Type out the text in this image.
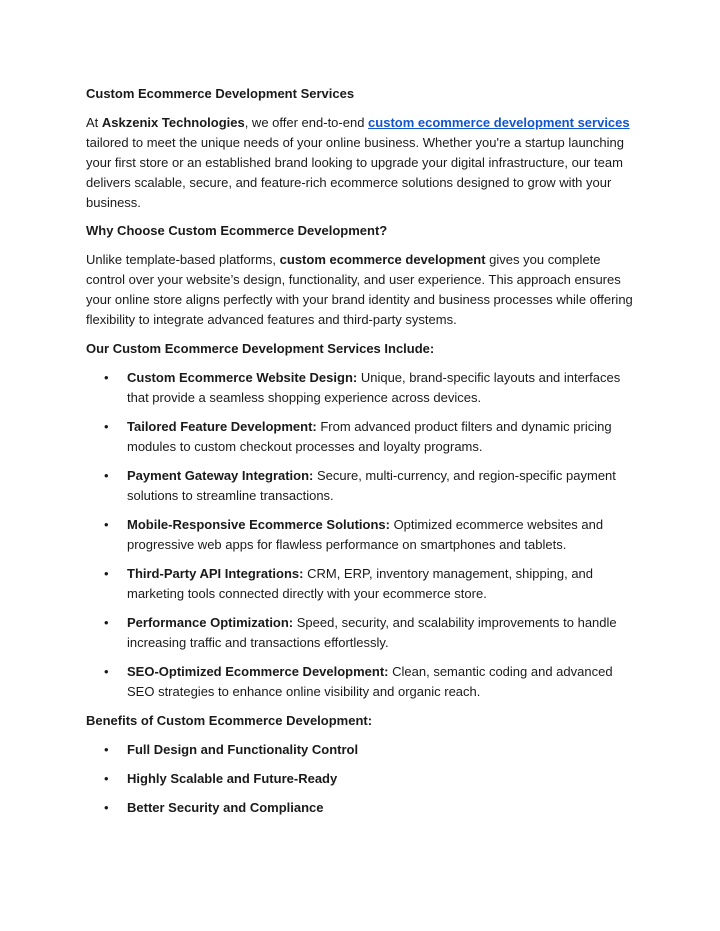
Custom Ecommerce Development Services

At Askzenix Technologies, we offer end-to-end custom ecommerce development services tailored to meet the unique needs of your online business. Whether you're a startup launching your first store or an established brand looking to upgrade your digital infrastructure, our team delivers scalable, secure, and feature-rich ecommerce solutions designed to grow with your business.

Why Choose Custom Ecommerce Development?

Unlike template-based platforms, custom ecommerce development gives you complete control over your website’s design, functionality, and user experience. This approach ensures your online store aligns perfectly with your brand identity and business processes while offering flexibility to integrate advanced features and third-party systems.

Our Custom Ecommerce Development Services Include:
• Custom Ecommerce Website Design: Unique, brand-specific layouts and interfaces that provide a seamless shopping experience across devices.
• Tailored Feature Development: From advanced product filters and dynamic pricing modules to custom checkout processes and loyalty programs.
• Payment Gateway Integration: Secure, multi-currency, and region-specific payment solutions to streamline transactions.
• Mobile-Responsive Ecommerce Solutions: Optimized ecommerce websites and progressive web apps for flawless performance on smartphones and tablets.
• Third-Party API Integrations: CRM, ERP, inventory management, shipping, and marketing tools connected directly with your ecommerce store.
• Performance Optimization: Speed, security, and scalability improvements to handle increasing traffic and transactions effortlessly.
• SEO-Optimized Ecommerce Development: Clean, semantic coding and advanced SEO strategies to enhance online visibility and organic reach.
Benefits of Custom Ecommerce Development:
• Full Design and Functionality Control
• Highly Scalable and Future-Ready
• Better Security and Compliance
